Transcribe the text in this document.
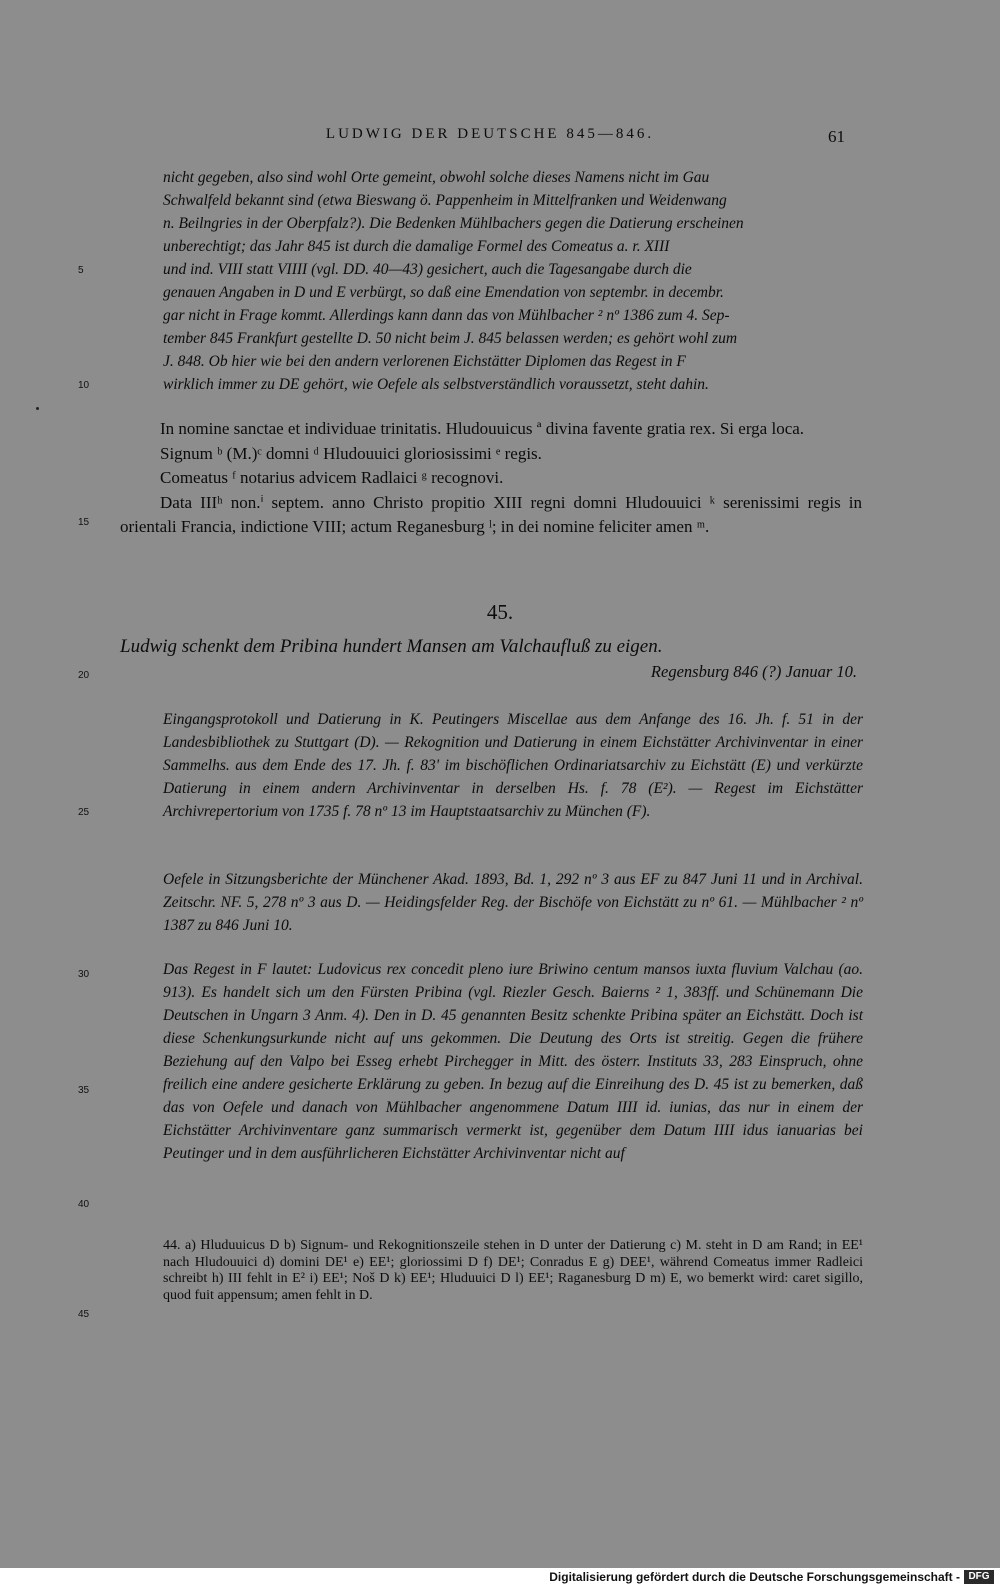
LUDWIG DER DEUTSCHE 845—846.	61
5
10
15
20
25
30
35
40
45

nicht gegeben, also sind wohl Orte gemeint, obwohl solche dieses Namens nicht im Gau

Schwalfeld bekannt sind (etwa Bieswang ö. Pappenheim in Mittelfranken und Weidenwang

n. Beilngries in der Oberpfalz?). Die Bedenken Mühlbachers gegen die Datierung erscheinen

unberechtigt; das Jahr 845 ist durch die damalige Formel des Comeatus a. r. XIII

und ind. VIII statt VIIII (vgl. DD. 40—43) gesichert, auch die Tagesangabe durch die

genauen Angaben in D und E verbürgt, so daß eine Emendation von septembr. in decembr.

gar nicht in Frage kommt. Allerdings kann dann das von Mühlbacher ² nº 1386 zum 4. Sep-

tember 845 Frankfurt gestellte D. 50 nicht beim J. 845 belassen werden; es gehört wohl zum

J. 848. Ob hier wie bei den andern verlorenen Eichstätter Diplomen das Regest in F

wirklich immer zu DE gehört, wie Oefele als selbstverständlich voraussetzt, steht dahin.

In nomine sanctae et individuae trinitatis. Hludouuicus ª divina favente gratia rex. Si erga loca.

Signum ᵇ (M.)ᶜ domni ᵈ Hludouuici gloriosissimi ᵉ regis.

Comeatus ᶠ notarius advicem Radlaici ᵍ recognovi.

Data IIIʰ non.ⁱ septem. anno Christo propitio XIII regni domni Hludouuici ᵏ serenissimi regis in orientali Francia, indictione VIII; actum Reganesburg ˡ; in dei nomine feliciter amen ᵐ.

45.
Ludwig schenkt dem Pribina hundert Mansen am Valchaufluß zu eigen.
Regensburg 846 (?) Januar 10.

Eingangsprotokoll und Datierung in K. Peutingers Miscellae aus dem Anfange des 16. Jh. f. 51 in der Landesbibliothek zu Stuttgart (D). — Rekognition und Datierung in einem Eichstätter Archivinventar in einer Sammelhs. aus dem Ende des 17. Jh. f. 83' im bischöflichen Ordinariatsarchiv zu Eichstätt (E) und verkürzte Datierung in einem andern Archivinventar in derselben Hs. f. 78 (E²). — Regest im Eichstätter Archivrepertorium von 1735 f. 78 nº 13 im Hauptstaatsarchiv zu München (F).

Oefele in Sitzungsberichte der Münchener Akad. 1893, Bd. 1, 292 nº 3 aus EF zu 847 Juni 11 und in Archival. Zeitschr. NF. 5, 278 nº 3 aus D. — Heidingsfelder Reg. der Bischöfe von Eichstätt zu nº 61. — Mühlbacher ² nº 1387 zu 846 Juni 10.

Das Regest in F lautet: Ludovicus rex concedit pleno iure Briwino centum mansos iuxta fluvium Valchau (ao. 913). Es handelt sich um den Fürsten Pribina (vgl. Riezler Gesch. Baierns ² 1, 383ff. und Schünemann Die Deutschen in Ungarn 3 Anm. 4). Den in D. 45 genannten Besitz schenkte Pribina später an Eichstätt. Doch ist diese Schenkungsurkunde nicht auf uns gekommen. Die Deutung des Orts ist streitig. Gegen die frühere Beziehung auf den Valpo bei Esseg erhebt Pirchegger in Mitt. des österr. Instituts 33, 283 Einspruch, ohne freilich eine andere gesicherte Erklärung zu geben. In bezug auf die Einreihung des D. 45 ist zu bemerken, daß das von Oefele und danach von Mühlbacher angenommene Datum IIII id. iunias, das nur in einem der Eichstätter Archivinventare ganz summarisch vermerkt ist, gegenüber dem Datum IIII idus ianuarias bei Peutinger und in dem ausführlicheren Eichstätter Archivinventar nicht auf

44. a) Hluduuicus D b) Signum- und Rekognitionszeile stehen in D unter der Datierung c) M. steht in D am Rand; in EE¹ nach Hludouuici d) domini DE¹ e) EE¹; gloriossimi D f) DE¹; Conradus E g) DEE¹, während Comeatus immer Radleici schreibt h) III fehlt in E² i) EE¹; Noš D k) EE¹; Hluduuici D l) EE¹; Raganesburg D m) E, wo bemerkt wird: caret sigillo, quod fuit appensum; amen fehlt in D.

Digitalisierung gefördert durch die Deutsche Forschungsgemeinschaft - DFG
